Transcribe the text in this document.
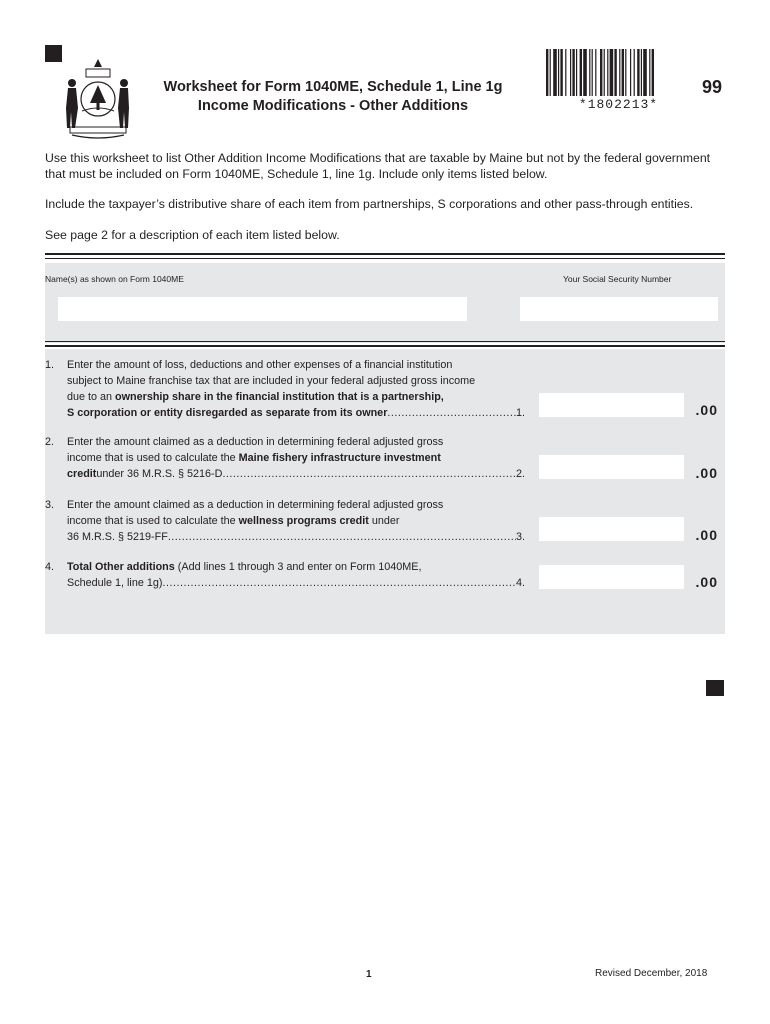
Worksheet for Form 1040ME, Schedule 1, Line 1g
Income Modifications - Other Additions	*1802213*
99
Use this worksheet to list Other Addition Income Modifications that are taxable by Maine but not by the federal government
that must be included on Form 1040ME, Schedule 1, line 1g. Include only items listed below.
Include the taxpayer’s distributive share of each item from partnerships, S corporations and other pass-through entities.
See page 2 for a description of each item listed below.
Name(s) as shown on Form 1040ME	Your Social Security Number
1.	Enter the amount of loss, deductions and other expenses of a financial institution
subject to Maine franchise tax that are included in your federal adjusted gross income
due to an ownership share in the financial institution that is a partnership,
S corporation or entity disregarded as separate from its owner .....	1.	.00
2.	Enter the amount claimed as a deduction in determining federal adjusted gross
income that is used to calculate the Maine fishery infrastructure investment
credit under 36 M.R.S. § 5216-D .....	2.	.00
3.	Enter the amount claimed as a deduction in determining federal adjusted gross
income that is used to calculate the wellness programs credit under
36 M.R.S. § 5219-FF .....	3.	.00
4.	Total Other additions (Add lines 1 through 3 and enter on Form 1040ME,
Schedule 1, line 1g) .....	4.	.00
1	Revised December, 2018
